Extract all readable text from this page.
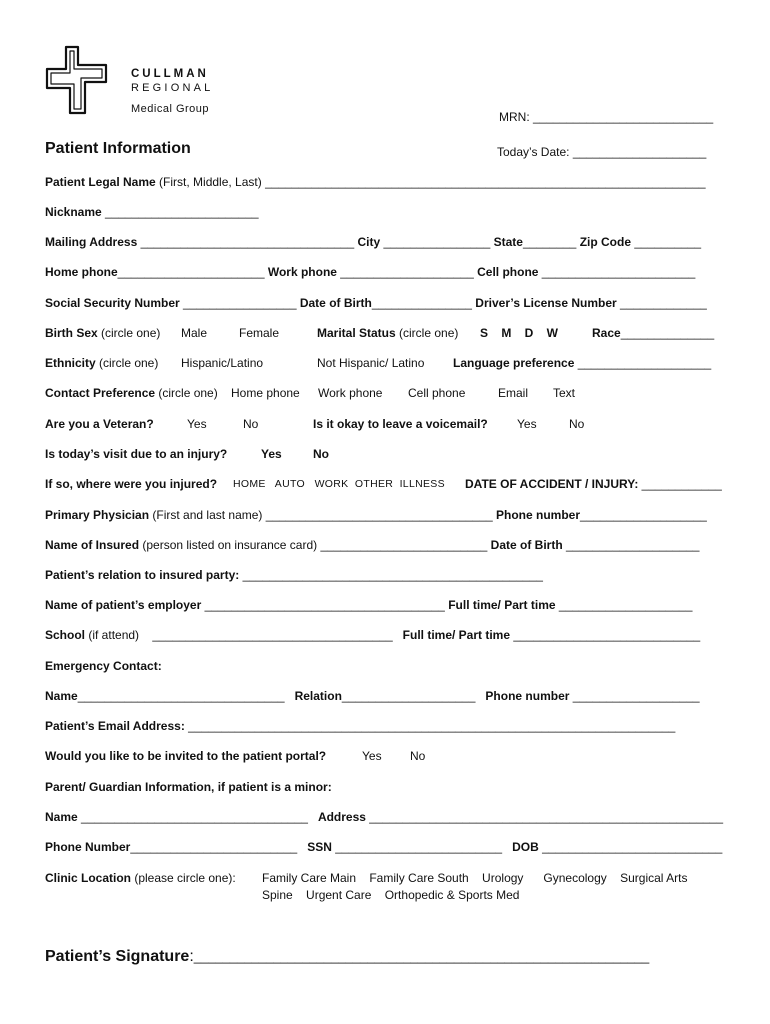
CULLMAN
REGIONAL
Medical Group
MRN: ___________________________
Patient Information	Today’s Date: ____________________
Patient Legal Name (First, Middle, Last) __________________________________________________________________
Nickname _______________________
Mailing Address ________________________________ City ________________ State________ Zip Code __________
Home phone______________________ Work phone ____________________ Cell phone _______________________
Social Security Number _________________ Date of Birth_______________ Driver’s License Number _____________
Birth Sex (circle one) Male	Female	Marital Status (circle one) S    M    D    W	Race______________
Ethnicity (circle one) Hispanic/Latino	Not Hispanic/ Latino Language preference ____________________
Contact Preference (circle one) Home phone Work phone Cell phone	Email Text
Are you a Veteran?	Yes	No	Is it okay to leave a voicemail? Yes	No
Is today’s visit due to an injury?	Yes	No
If so, where were you injured? HOME   AUTO   WORK  OTHER  ILLNESS DATE OF ACCIDENT / INJURY: ____________
Primary Physician (First and last name) __________________________________ Phone number___________________
Name of Insured (person listed on insurance card) _________________________ Date of Birth ____________________
Patient’s relation to insured party: _____________________________________________
Name of patient’s employer ____________________________________ Full time/ Part time ____________________
School (if attend)    ____________________________________   Full time/ Part time ____________________________
Emergency Contact:
Name_______________________________   Relation____________________   Phone number ___________________
Patient’s Email Address: _________________________________________________________________________
Would you like to be invited to the patient portal?	Yes No
Parent/ Guardian Information, if patient is a minor:
Name __________________________________   Address _____________________________________________________
Phone Number_________________________   SSN _________________________   DOB ___________________________
Clinic Location (please circle one): Family Care Main    Family Care South    Urology      Gynecology    Surgical Arts
Spine    Urgent Care    Orthopedic & Sports Med
Patient’s Signature:_______________________________________________________________
